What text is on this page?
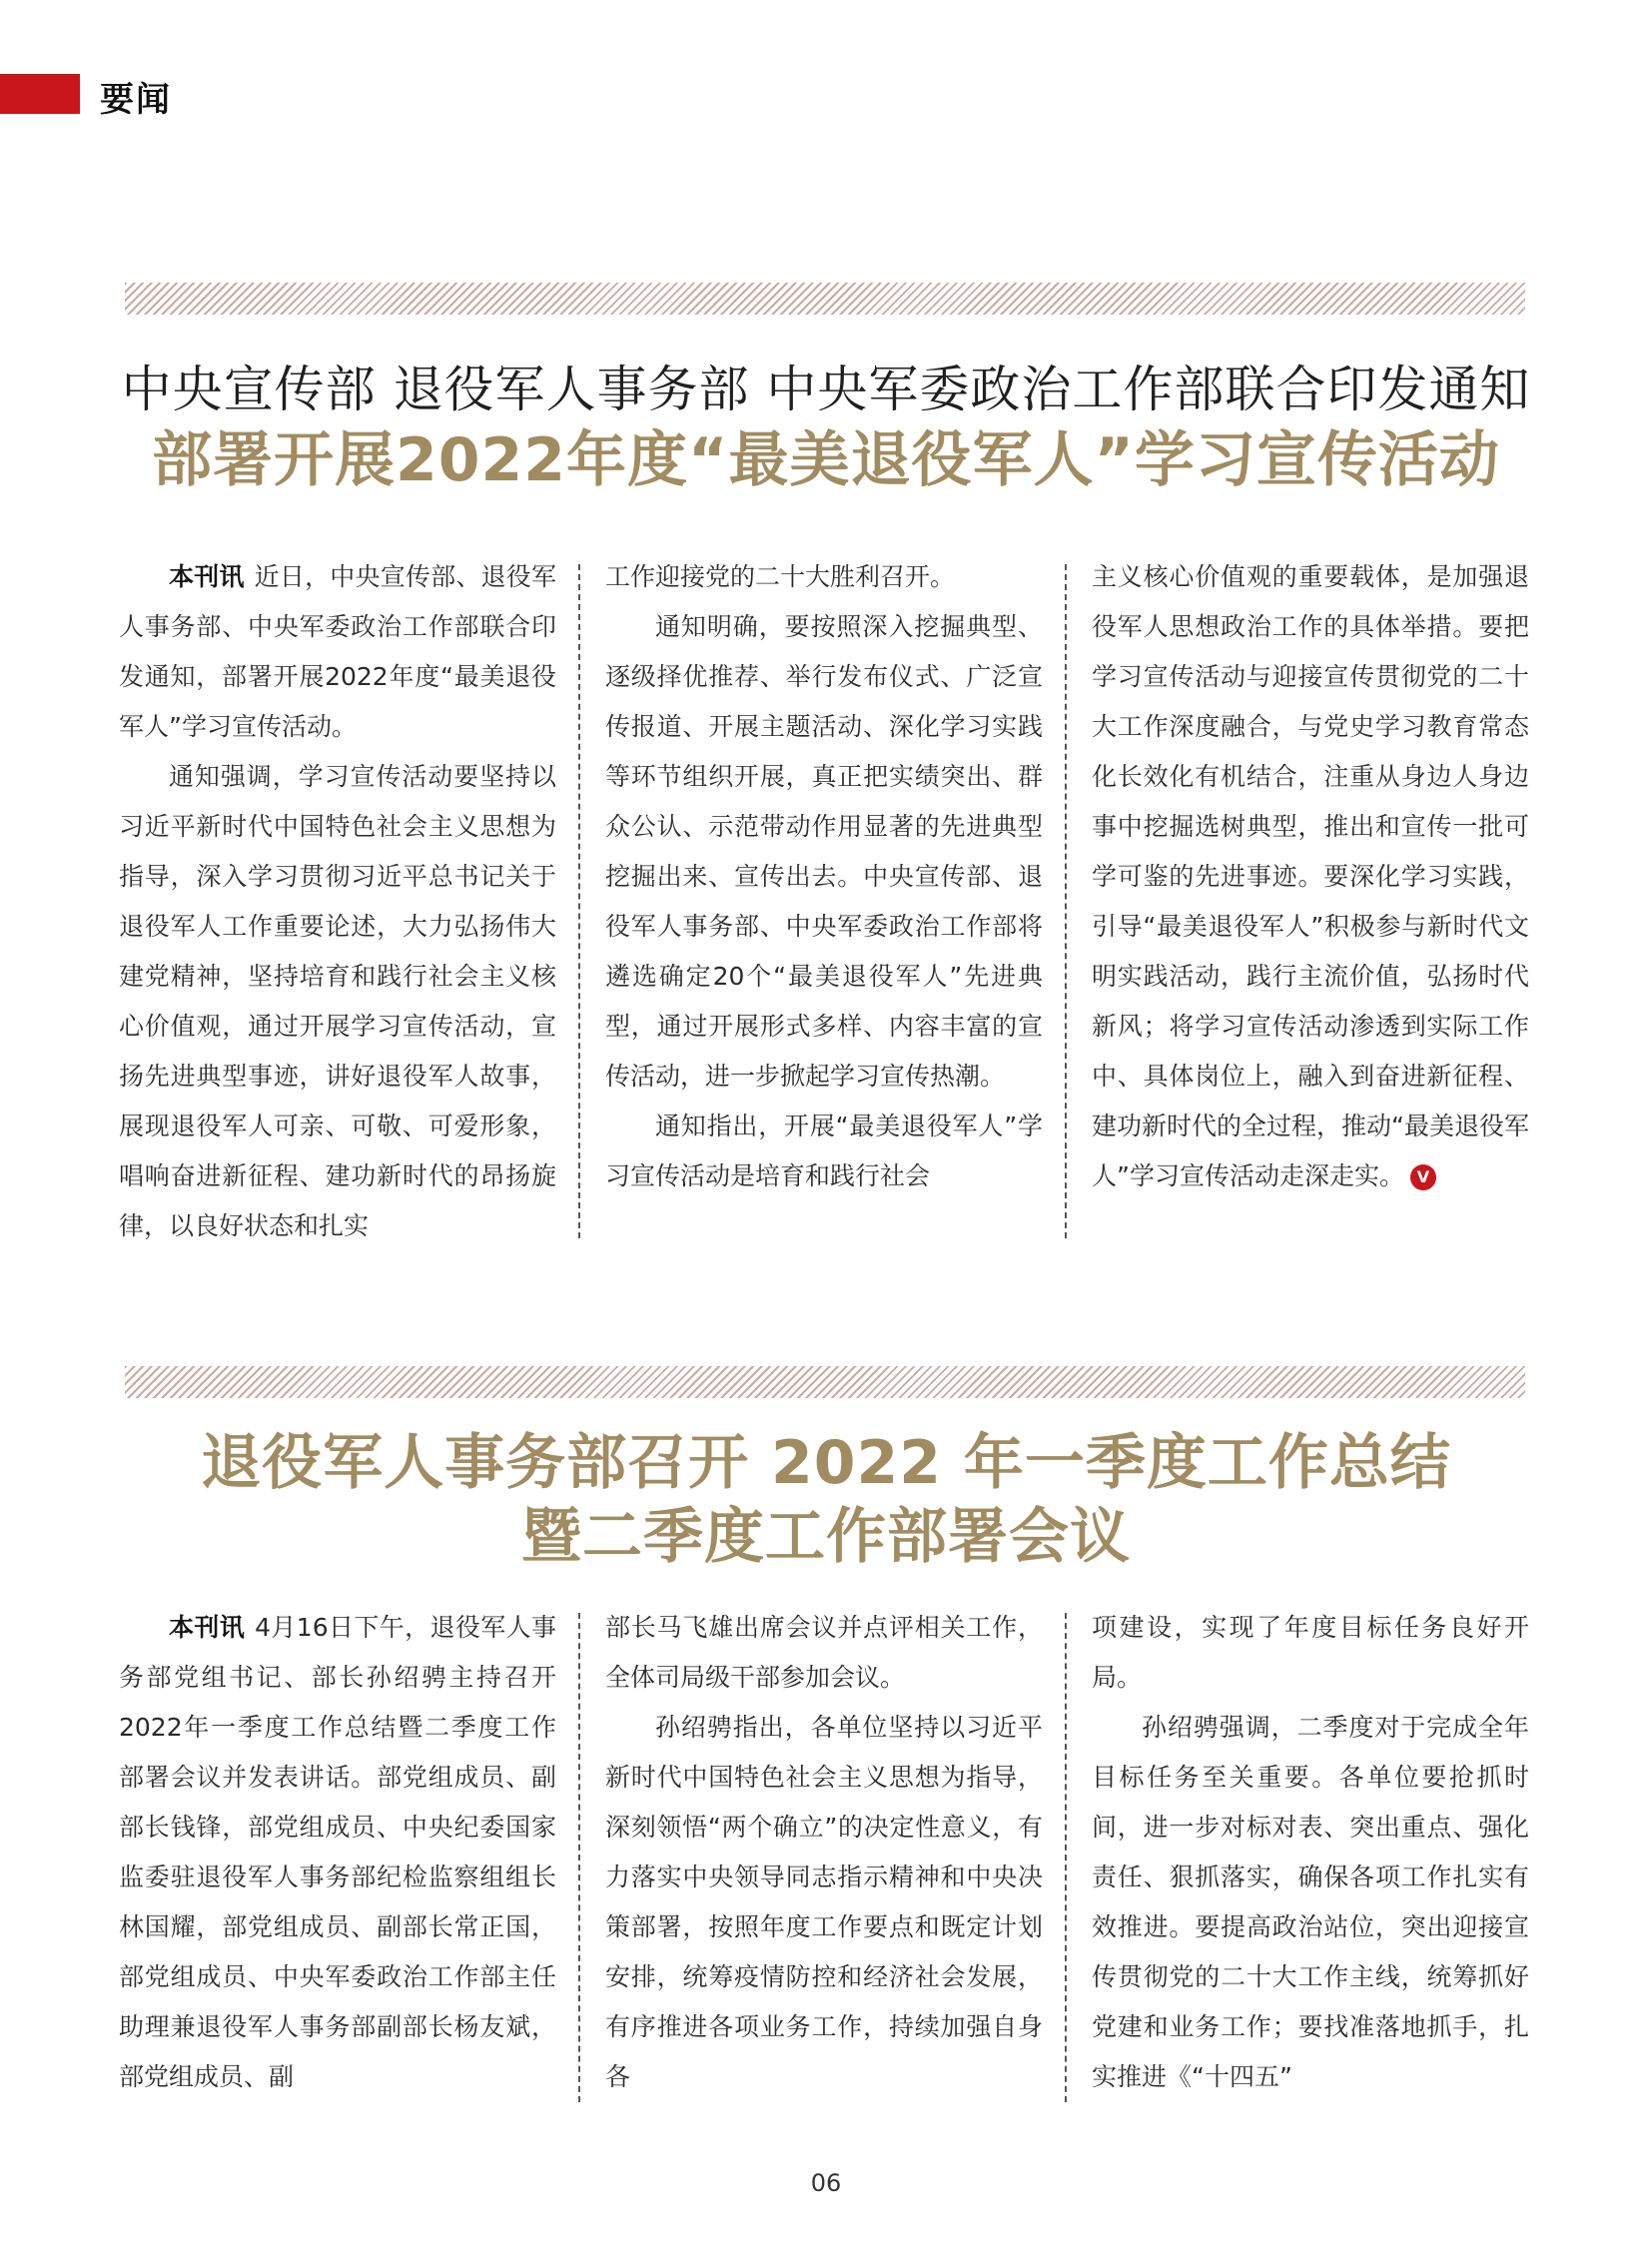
要闻
中央宣传部 退役军人事务部 中央军委政治工作部联合印发通知
部署开展2022年度“最美退役军人”学习宣传活动

本刊讯 近日，中央宣传部、退役军人事务部、中央军委政治工作部联合印发通知，部署开展2022年度“最美退役军人”学习宣传活动。

通知强调，学习宣传活动要坚持以习近平新时代中国特色社会主义思想为指导，深入学习贯彻习近平总书记关于退役军人工作重要论述，大力弘扬伟大建党精神，坚持培育和践行社会主义核心价值观，通过开展学习宣传活动，宣扬先进典型事迹，讲好退役军人故事，展现退役军人可亲、可敬、可爱形象，唱响奋进新征程、建功新时代的昂扬旋律，以良好状态和扎实

工作迎接党的二十大胜利召开。

通知明确，要按照深入挖掘典型、逐级择优推荐、举行发布仪式、广泛宣传报道、开展主题活动、深化学习实践等环节组织开展，真正把实绩突出、群众公认、示范带动作用显著的先进典型挖掘出来、宣传出去。中央宣传部、退役军人事务部、中央军委政治工作部将遴选确定20个“最美退役军人”先进典型，通过开展形式多样、内容丰富的宣传活动，进一步掀起学习宣传热潮。

通知指出，开展“最美退役军人”学习宣传活动是培育和践行社会

主义核心价值观的重要载体，是加强退役军人思想政治工作的具体举措。要把学习宣传活动与迎接宣传贯彻党的二十大工作深度融合，与党史学习教育常态化长效化有机结合，注重从身边人身边事中挖掘选树典型，推出和宣传一批可学可鉴的先进事迹。要深化学习实践，引导“最美退役军人”积极参与新时代文明实践活动，践行主流价值，弘扬时代新风；将学习宣传活动渗透到实际工作中、具体岗位上，融入到奋进新征程、建功新时代的全过程，推动“最美退役军人”学习宣传活动走深走实。 V

退役军人事务部召开 2022 年一季度工作总结
暨二季度工作部署会议

本刊讯 4月16日下午，退役军人事务部党组书记、部长孙绍骋主持召开2022年一季度工作总结暨二季度工作部署会议并发表讲话。部党组成员、副部长钱锋，部党组成员、中央纪委国家监委驻退役军人事务部纪检监察组组长林国耀，部党组成员、副部长常正国，部党组成员、中央军委政治工作部主任助理兼退役军人事务部副部长杨友斌，部党组成员、副

部长马飞雄出席会议并点评相关工作，全体司局级干部参加会议。

孙绍骋指出，各单位坚持以习近平新时代中国特色社会主义思想为指导，深刻领悟“两个确立”的决定性意义，有力落实中央领导同志指示精神和中央决策部署，按照年度工作要点和既定计划安排，统筹疫情防控和经济社会发展，有序推进各项业务工作，持续加强自身各

项建设，实现了年度目标任务良好开局。

孙绍骋强调，二季度对于完成全年目标任务至关重要。各单位要抢抓时间，进一步对标对表、突出重点、强化责任、狠抓落实，确保各项工作扎实有效推进。要提高政治站位，突出迎接宣传贯彻党的二十大工作主线，统筹抓好党建和业务工作；要找准落地抓手，扎实推进《“十四五”

06
